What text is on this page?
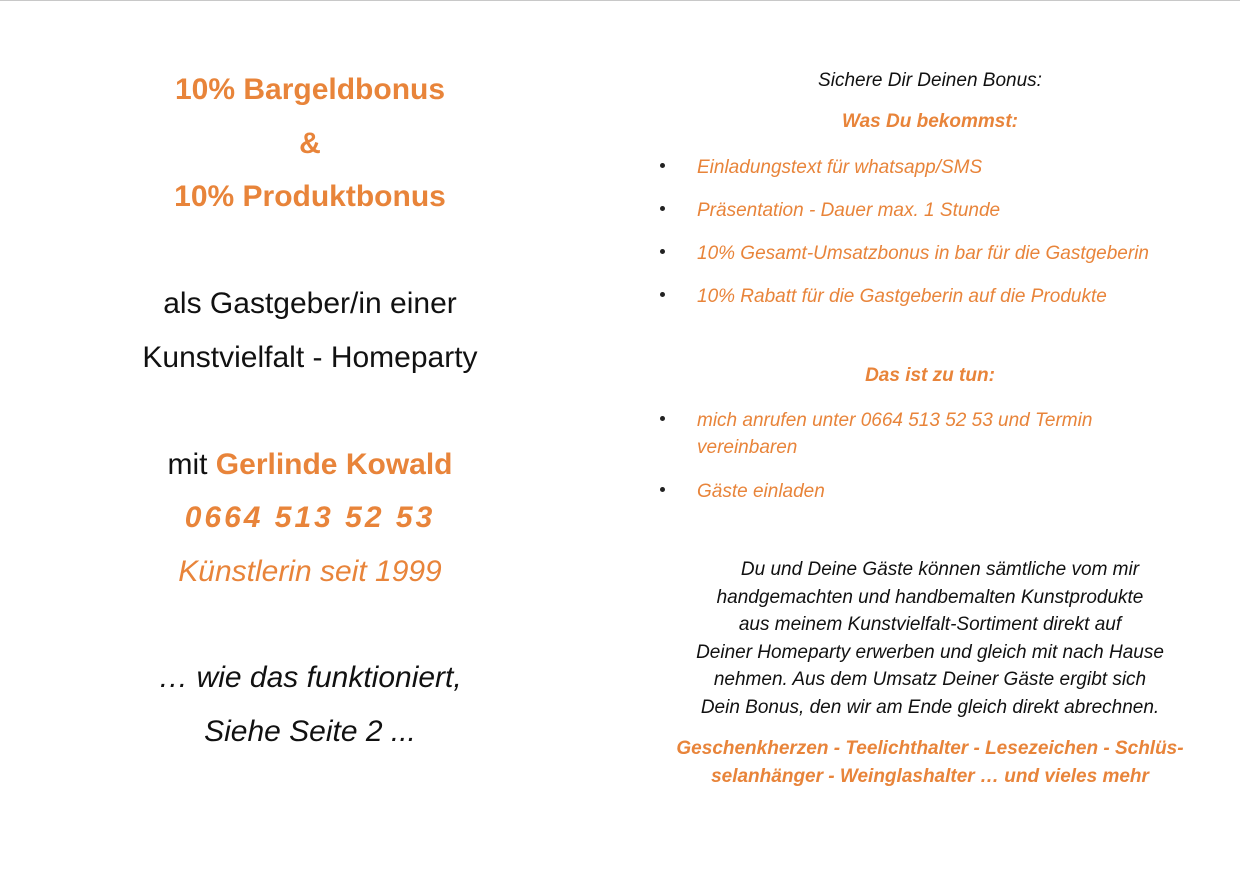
10% Bargeldbonus
&
10% Produktbonus
als Gastgeber/in einer
Kunstvielfalt - Homeparty
mit Gerlinde Kowald
0664 513 52 53
Künstlerin seit 1999
… wie das funktioniert,
Siehe Seite 2 ...
Sichere Dir Deinen Bonus:
Was Du bekommst:
Einladungstext für whatsapp/SMS
Präsentation - Dauer max. 1 Stunde
10% Gesamt-Umsatzbonus in bar für die Gastgeberin
10% Rabatt für die Gastgeberin auf die Produkte
Das ist zu tun:
mich anrufen unter 0664 513 52 53 und Termin vereinbaren
Gäste einladen
Du und Deine Gäste können sämtliche vom mir
handgemachten und handbemalten Kunstprodukte
aus meinem Kunstvielfalt-Sortiment direkt auf
Deiner Homeparty erwerben und gleich mit nach Hause
nehmen. Aus dem Umsatz Deiner Gäste ergibt sich
Dein Bonus, den wir am Ende gleich direkt abrechnen.
Geschenkherzen - Teelichthalter - Lesezeichen - Schlüs-
selanhänger - Weinglashalter … und vieles mehr
